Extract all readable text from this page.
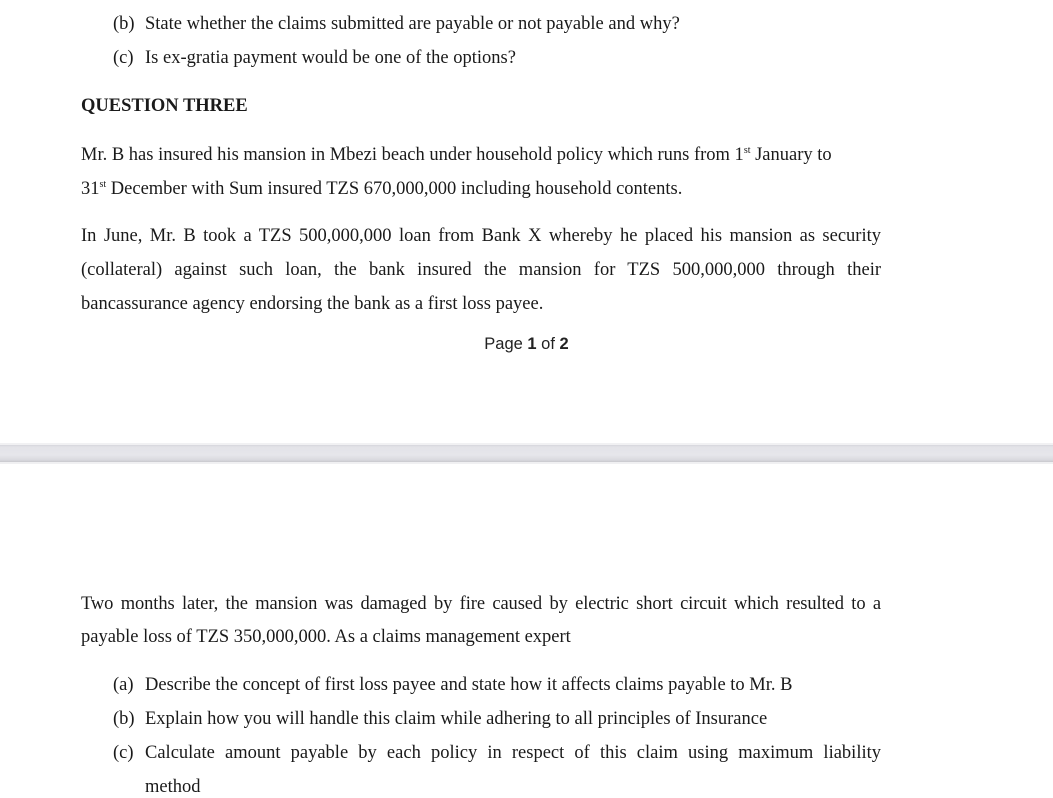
(b) State whether the claims submitted are payable or not payable and why?
(c) Is ex-gratia payment would be one of the options?
QUESTION THREE
Mr. B has insured his mansion in Mbezi beach under household policy which runs from 1st January to
31st December with Sum insured TZS 670,000,000 including household contents.
In June, Mr. B took a TZS 500,000,000 loan from Bank X whereby he placed his mansion as security
(collateral) against such loan, the bank insured the mansion for TZS 500,000,000 through their
bancassurance agency endorsing the bank as a first loss payee.
Page 1 of 2
Two months later, the mansion was damaged by fire caused by electric short circuit which resulted to a
payable loss of TZS 350,000,000. As a claims management expert
(a) Describe the concept of first loss payee and state how it affects claims payable to Mr. B
(b) Explain how you will handle this claim while adhering to all principles of Insurance
(c) Calculate amount payable by each policy in respect of this claim using maximum liability
method
